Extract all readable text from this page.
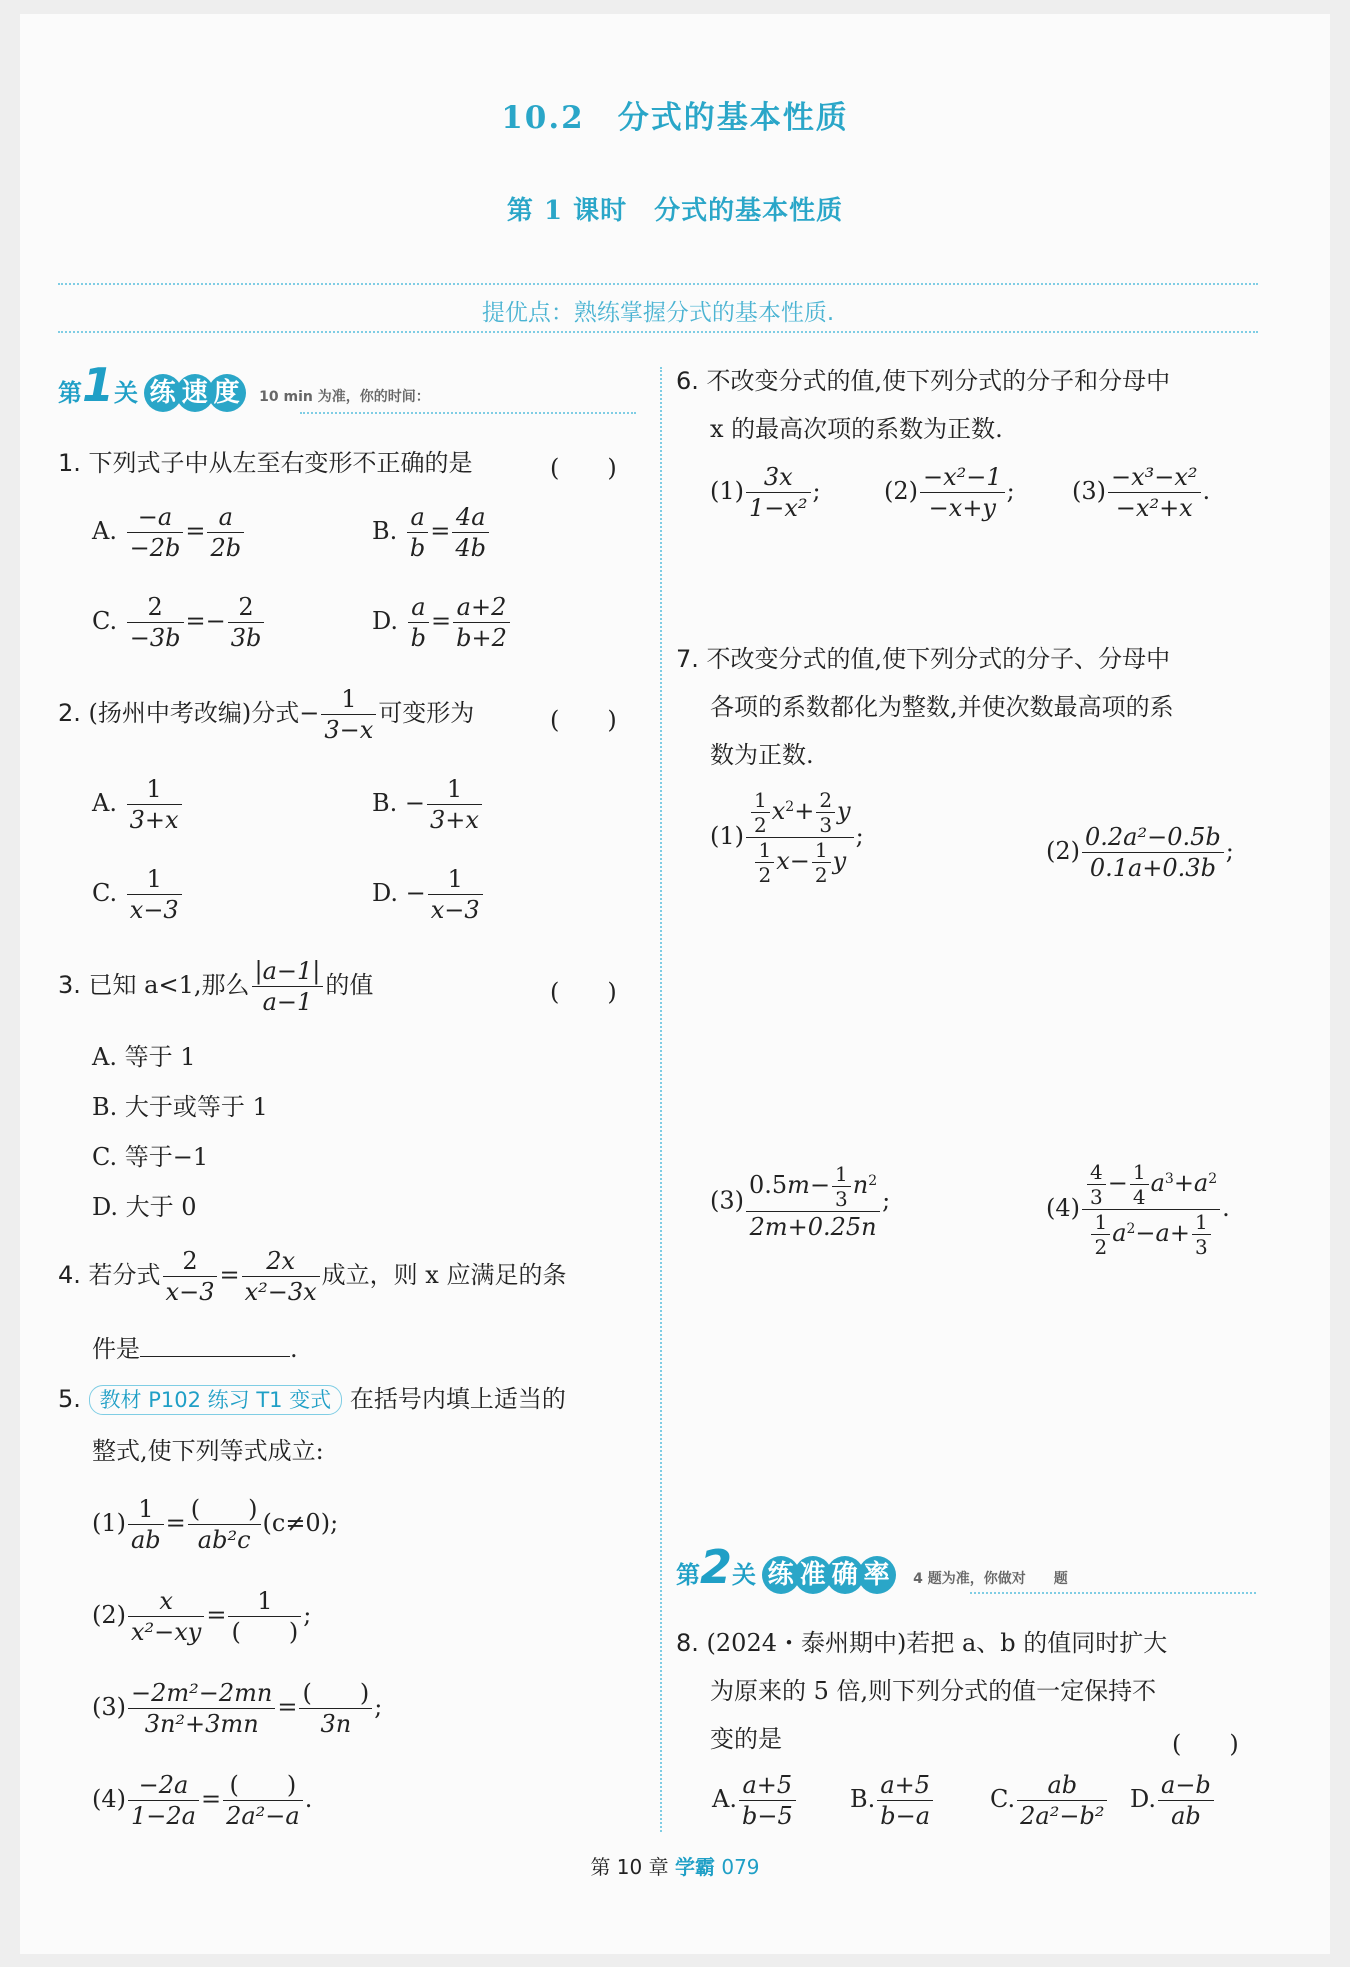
10.2　分式的基本性质
第 1 课时　分式的基本性质
提优点：熟练掌握分式的基本性质.
第1关 练 速 度 10 min 为准，你的时间：
1. 下列式子中从左至右变形不正确的是	(　　)
A. $\frac{-a}{-2b} = \frac{a}{2b}$	B. $\frac{a}{b} = \frac{4a}{4b}$
C. $\frac{2}{-3b} =- \frac{2}{3b}$	D. $\frac{a}{b} = \frac{a+2}{b+2}$
2. (扬州中考改编)分式− $\frac{1}{3-x}$ 可变形为	(　　)
A. $\frac{1}{3+x}$	B. − $\frac{1}{3+x}$
C. $\frac{1}{x-3}$	D. − $\frac{1}{x-3}$
3. 已知 a<1,那么 $\frac{|a-1|}{a-1}$ 的值	(　　)
A. 等于 1
B. 大于或等于 1
C. 等于−1
D. 大于 0
4. 若分式 $\frac{2}{x-3} = \frac{2x}{\text{x²−3x}}$ 成立，则 x 应满足的条
件是	.
5. 教材 P102 练习 T1 变式 在括号内填上适当的
整式,使下列等式成立:
$(1) \frac{1}{ab} = \frac{( )}{\text{ab²c}} (c\ne 0)$;
$(2) \frac{x}{\text{x²−xy}} = \frac{1}{( )}$ ;
$(3) \frac{\text{−2m²−2mn}}{\text{3n²+3mn}} = \frac{( )}{3n}$ ;
$(4) \frac{-2a}{1-2a} = \frac{( )}{\text{2a²−a}}$ .
6. 不改变分式的值,使下列分式的分子和分母中
x 的最高次项的系数为正数.
$(1) \frac{3x}{\text{1−x²}}$ ;	$(2) \frac{\text{−x²−1}}{-x+y}$ ; $(3) \frac{\text{−x³−x²}}{\text{−x²+x}}$ .
7. 不改变分式的值,使下列分式的分子、分母中
各项的系数都化为整数,并使次数最高项的系
数为正数.
$(1) \frac{\frac{1}{2} x^2+ \frac{2}{3} y}{\frac{1}{2} x- \frac{1}{2} y}$ ;
$(2) \frac{\text{0.2a²−0.5b}}{0.1a+0.3b}$ ;
$(3) \frac{0.5m- \frac{1}{3} n^2}{2m+0.25n}$ ;	$(4) \frac{\frac{4}{3} - \frac{1}{4} a^3+a^2}{\frac{1}{2} a^2-a+ \frac{1}{3}}$ .
第2关 练 准 确 率 4 题为准，你做对　　题
8. (2024・泰州期中)若把 a、b 的值同时扩大
为原来的 5 倍,则下列分式的值一定保持不
变的是	(　　)
A. $\frac{a+5}{b-5} B$. $\frac{a+5}{b-a} C$. $\frac{ab}{\text{2a²−b²}} D$. $\frac{a-b}{ab}$
第 10 章 学霸 079
